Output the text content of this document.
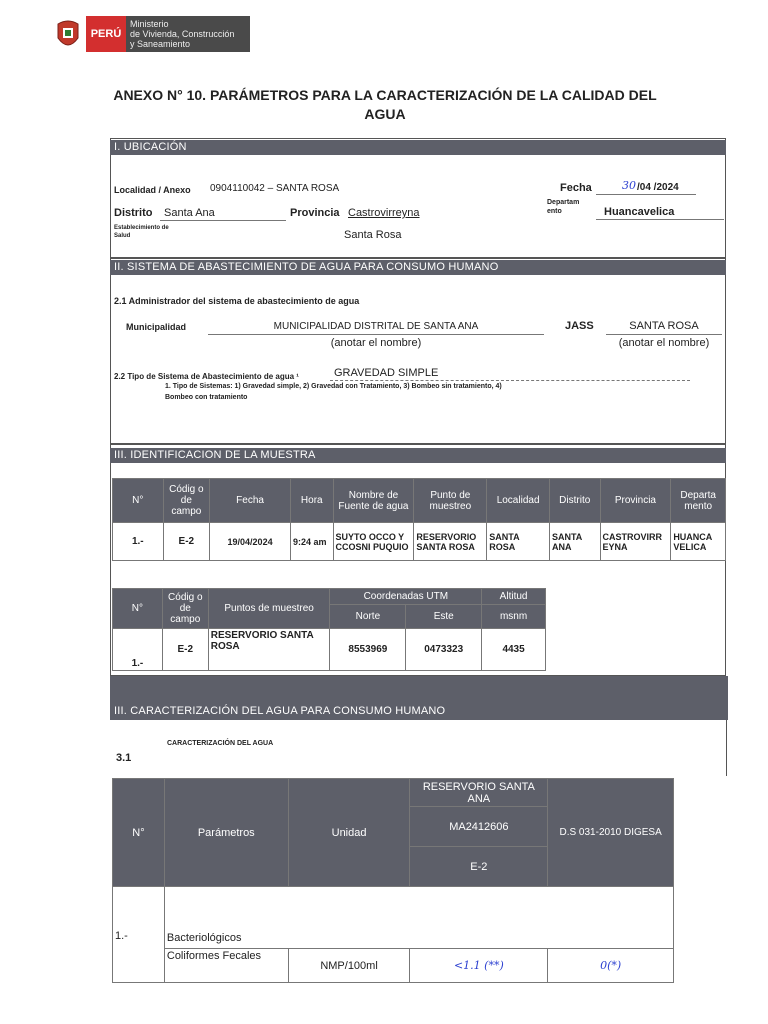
PERÚ
Ministerio
de Vivienda, Construcción
y Saneamiento
ANEXO N° 10. PARÁMETROS PARA LA CARACTERIZACIÓN DE LA CALIDAD DEL
AGUA
I. UBICACIÓN
Localidad / Anexo 0904110042 – SANTA ROSA	Fecha	30 /04 /2024
Distrito Santa Ana	Provincia Castrovirreyna
Departam
ento	Huancavelica
Establecimiento de
Salud	Santa Rosa
II. SISTEMA DE ABASTECIMIENTO DE AGUA PARA CONSUMO HUMANO
2.1 Administrador del sistema de abastecimiento de agua
Municipalidad	MUNICIPALIDAD DISTRITAL DE SANTA ANA
(anotar el nombre)
JASS	SANTA ROSA
(anotar el nombre)
2.2 Tipo de Sistema de Abastecimiento de agua ¹	GRAVEDAD SIMPLE
1. Tipo de Sistemas: 1) Gravedad simple, 2) Gravedad con Tratamiento, 3) Bombeo sin tratamiento, 4)
Bombeo con tratamiento
III. IDENTIFICACION DE LA MUESTRA
N°	Códig o de campo	Fecha	Hora	Nombre de Fuente de agua	Punto de muestreo	Localidad	Distrito	Provincia	Departa mento
1.-	E-2	19/04/2024	9:24 am	SUYTO OCCO Y CCOSNI PUQUIO	RESERVORIO SANTA ROSA	SANTA ROSA	SANTA ANA	CASTROVIRR EYNA	HUANCA VELICA
N°	Códig o de campo	Puntos de muestreo	Coordenadas UTM		Altitud
			Norte	Este	msnm
1.-	E-2	RESERVORIO SANTA ROSA	8553969	0473323	4435
III. CARACTERIZACIÓN DEL AGUA PARA CONSUMO HUMANO
CARACTERIZACIÓN DEL AGUA
3.1
N°	Parámetros	Unidad	RESERVORIO SANTA ANA	D.S 031-2010 DIGESA
			MA2412606	
			E-2	
1.-	Bacteriológicos			
	Coliformes Fecales	NMP/100ml	<1.1 (**)	0(*)
